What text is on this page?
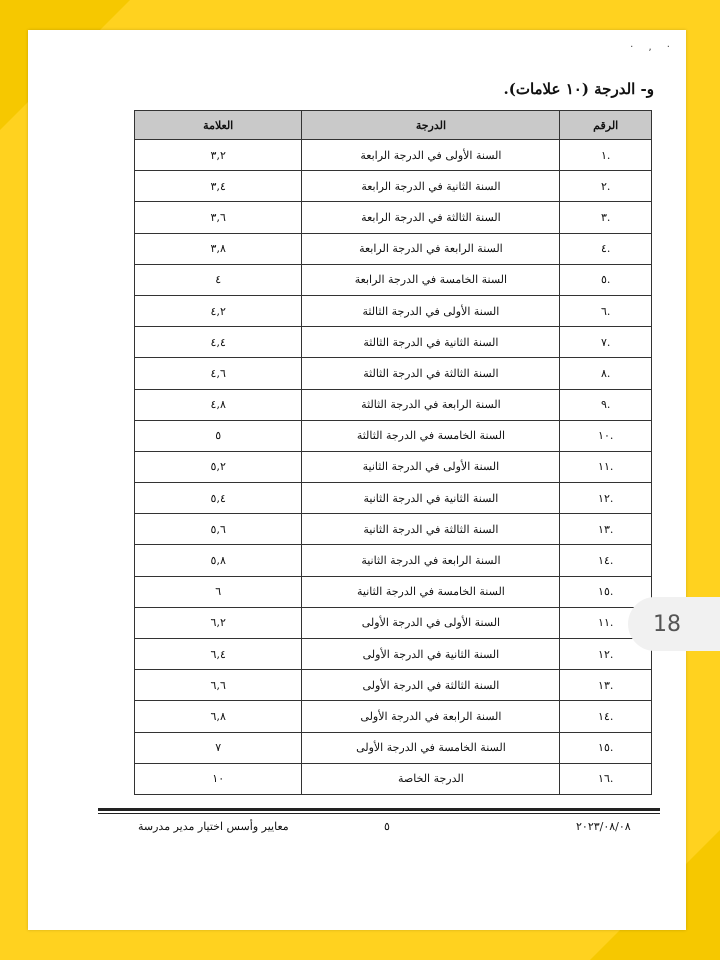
· , ·
و- الدرجة (١٠ علامات).
الرقم	الدرجة	العلامة
.١	السنة الأولى في الدرجة الرابعة	٣,٢
.٢	السنة الثانية في الدرجة الرابعة	٣,٤
.٣	السنة الثالثة في الدرجة الرابعة	٣,٦
.٤	السنة الرابعة في الدرجة الرابعة	٣,٨
.٥	السنة الخامسة في الدرجة الرابعة	٤
.٦	السنة الأولى في الدرجة الثالثة	٤,٢
.٧	السنة الثانية في الدرجة الثالثة	٤,٤
.٨	السنة الثالثة في الدرجة الثالثة	٤,٦
.٩	السنة الرابعة في الدرجة الثالثة	٤,٨
.١٠	السنة الخامسة في الدرجة الثالثة	٥
.١١	السنة الأولى في الدرجة الثانية	٥,٢
.١٢	السنة الثانية في الدرجة الثانية	٥,٤
.١٣	السنة الثالثة في الدرجة الثانية	٥,٦
.١٤	السنة الرابعة في الدرجة الثانية	٥,٨
.١٥	السنة الخامسة في الدرجة الثانية	٦
.١١	السنة الأولى في الدرجة الأولى	٦,٢
.١٢	السنة الثانية في الدرجة الأولى	٦,٤
.١٣	السنة الثالثة في الدرجة الأولى	٦,٦
.١٤	السنة الرابعة في الدرجة الأولى	٦,٨
.١٥	السنة الخامسة في الدرجة الأولى	٧
.١٦	الدرجة الخاصة	١٠
معايير وأسس اختيار مدير مدرسة	٥	٢٠٢٣/٠٨/٠٨
18
